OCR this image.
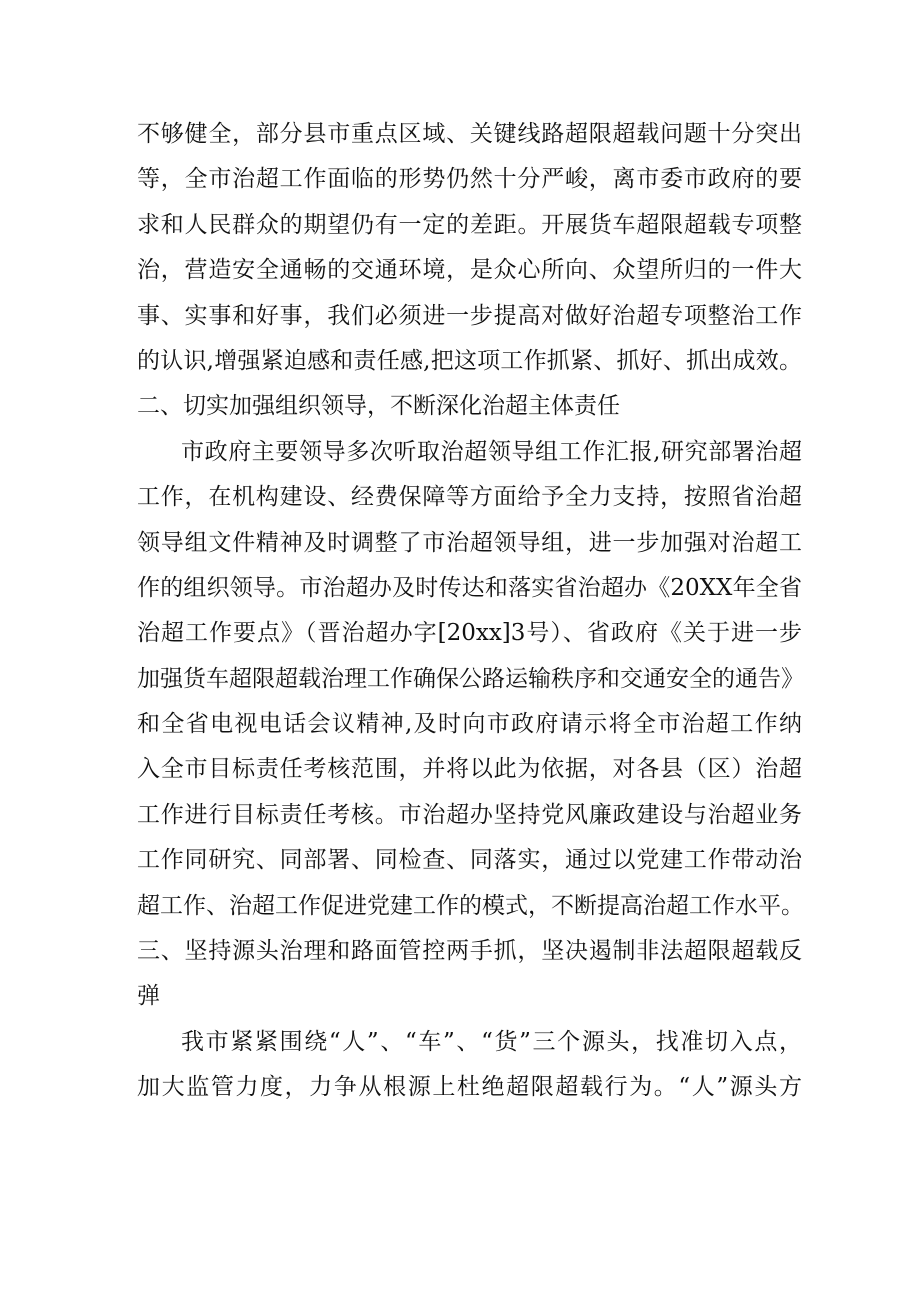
不够健全，部分县市重点区域、关键线路超限超载问题十分突出
等，全市治超工作面临的形势仍然十分严峻，离市委市政府的要
求和人民群众的期望仍有一定的差距。开展货车超限超载专项整
治，营造安全通畅的交通环境，是众心所向、众望所归的一件大
事、实事和好事，我们必须进一步提高对做好治超专项整治工作
的认识,增强紧迫感和责任感,把这项工作抓紧、抓好、抓出成效。
二、切实加强组织领导，不断深化治超主体责任
市政府主要领导多次听取治超领导组工作汇报,研究部署治超
工作，在机构建设、经费保障等方面给予全力支持，按照省治超
领导组文件精神及时调整了市治超领导组，进一步加强对治超工
作的组织领导。市治超办及时传达和落实省治超办《20XX年全省
治超工作要点》（晋治超办字[20xx]3号）、省政府《关于进一步
加强货车超限超载治理工作确保公路运输秩序和交通安全的通告》
和全省电视电话会议精神,及时向市政府请示将全市治超工作纳
入全市目标责任考核范围，并将以此为依据，对各县（区）治超
工作进行目标责任考核。市治超办坚持党风廉政建设与治超业务
工作同研究、同部署、同检查、同落实，通过以党建工作带动治
超工作、治超工作促进党建工作的模式，不断提高治超工作水平。
三、坚持源头治理和路面管控两手抓，坚决遏制非法超限超载反
弹
我市紧紧围绕“人”、“车”、“货”三个源头，找准切入点，
加大监管力度，力争从根源上杜绝超限超载行为。“人”源头方
